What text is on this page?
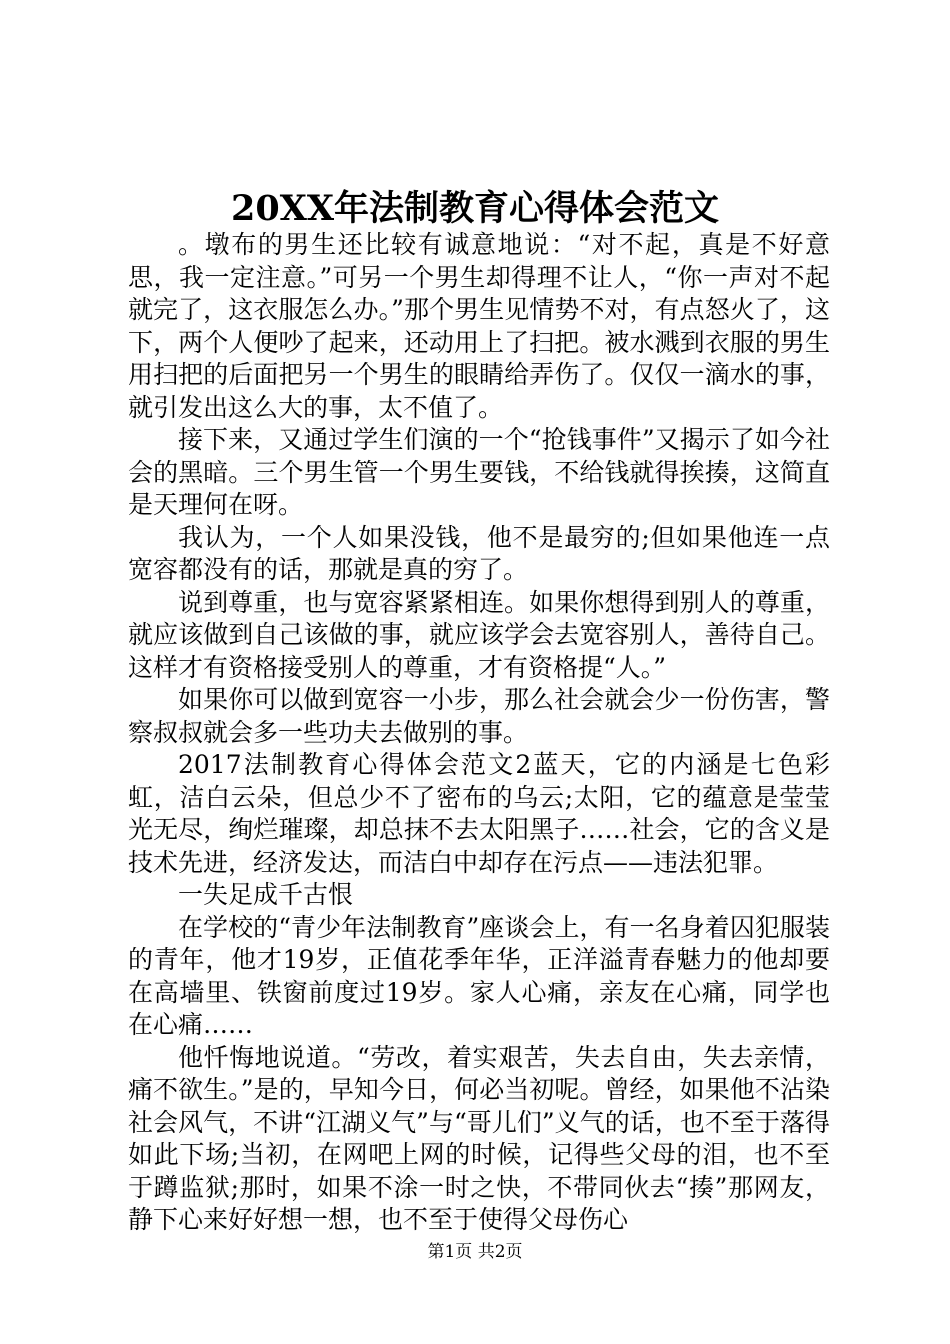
20XX年法制教育心得体会范文

。墩布的男生还比较有诚意地说：“对不起，真是不好意思，我一定注意。”可另一个男生却得理不让人，“你一声对不起就完了，这衣服怎么办。”那个男生见情势不对，有点怒火了，这下，两个人便吵了起来，还动用上了扫把。被水溅到衣服的男生用扫把的后面把另一个男生的眼睛给弄伤了。仅仅一滴水的事，就引发出这么大的事，太不值了。

接下来，又通过学生们演的一个“抢钱事件”又揭示了如今社会的黑暗。三个男生管一个男生要钱，不给钱就得挨揍，这简直是天理何在呀。

我认为，一个人如果没钱，他不是最穷的;但如果他连一点宽容都没有的话，那就是真的穷了。

说到尊重，也与宽容紧紧相连。如果你想得到别人的尊重，就应该做到自己该做的事，就应该学会去宽容别人，善待自己。这样才有资格接受别人的尊重，才有资格提“人。”

如果你可以做到宽容一小步，那么社会就会少一份伤害，警察叔叔就会多一些功夫去做别的事。

2017法制教育心得体会范文2蓝天，它的内涵是七色彩虹，洁白云朵，但总少不了密布的乌云;太阳，它的蕴意是莹莹光无尽，绚烂璀璨，却总抹不去太阳黑子……社会，它的含义是技术先进，经济发达，而洁白中却存在污点——违法犯罪。

一失足成千古恨

在学校的“青少年法制教育”座谈会上，有一名身着囚犯服装的青年，他才19岁，正值花季年华，正洋溢青春魅力的他却要在高墙里、铁窗前度过19岁。家人心痛，亲友在心痛，同学也在心痛……

他忏悔地说道。“劳改，着实艰苦，失去自由，失去亲情，痛不欲生。”是的，早知今日，何必当初呢。曾经，如果他不沾染社会风气，不讲“江湖义气”与“哥儿们”义气的话，也不至于落得如此下场;当初，在网吧上网的时候，记得些父母的泪，也不至于蹲监狱;那时，如果不涂一时之快，不带同伙去“揍”那网友，静下心来好好想一想，也不至于使得父母伤心

第1页 共2页
